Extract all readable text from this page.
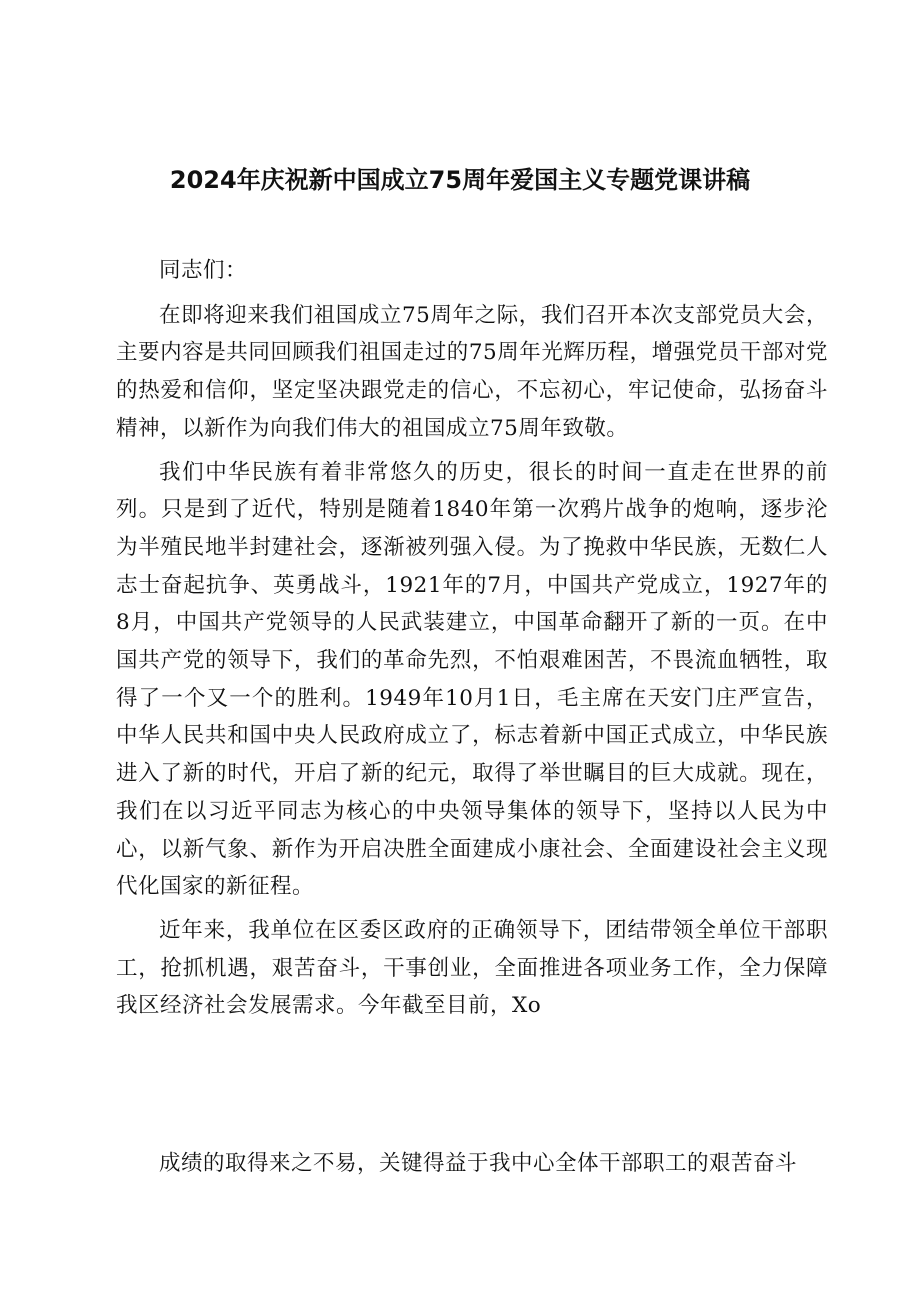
2024年庆祝新中国成立75周年爱国主义专题党课讲稿

同志们：

在即将迎来我们祖国成立75周年之际，我们召开本次支部党员大会，主要内容是共同回顾我们祖国走过的75周年光辉历程，增强党员干部对党的热爱和信仰，坚定坚决跟党走的信心，不忘初心，牢记使命，弘扬奋斗精神，以新作为向我们伟大的祖国成立75周年致敬。

我们中华民族有着非常悠久的历史，很长的时间一直走在世界的前列。只是到了近代，特别是随着1840年第一次鸦片战争的炮响，逐步沦为半殖民地半封建社会，逐渐被列强入侵。为了挽救中华民族，无数仁人志士奋起抗争、英勇战斗，1921年的7月，中国共产党成立，1927年的8月，中国共产党领导的人民武装建立，中国革命翻开了新的一页。在中国共产党的领导下，我们的革命先烈，不怕艰难困苦，不畏流血牺牲，取得了一个又一个的胜利。1949年10月1日，毛主席在天安门庄严宣告，中华人民共和国中央人民政府成立了，标志着新中国正式成立，中华民族进入了新的时代，开启了新的纪元，取得了举世瞩目的巨大成就。现在，我们在以习近平同志为核心的中央领导集体的领导下，坚持以人民为中心，以新气象、新作为开启决胜全面建成小康社会、全面建设社会主义现代化国家的新征程。

近年来，我单位在区委区政府的正确领导下，团结带领全单位干部职工，抢抓机遇，艰苦奋斗，干事创业，全面推进各项业务工作，全力保障我区经济社会发展需求。今年截至目前，Xo

成绩的取得来之不易，关键得益于我中心全体干部职工的艰苦奋斗
